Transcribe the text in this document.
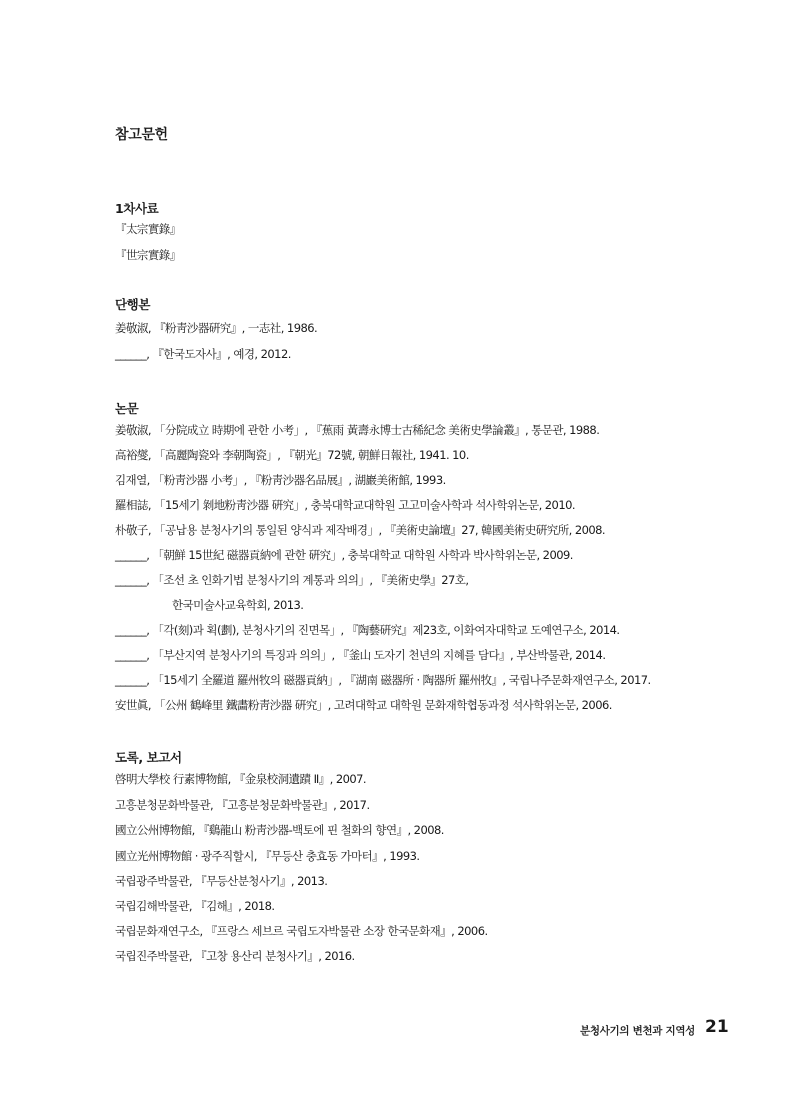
참고문헌
1차사료
『太宗實錄』
『世宗實錄』
단행본
姜敬淑, 『粉靑沙器硏究』, 一志社, 1986.
______, 『한국도자사』, 예경, 2012.
논문
姜敬淑, 「分院成立 時期에 관한 小考」, 『蕉雨 黃壽永博士古稀紀念 美術史學論叢』, 통문관, 1988.
高裕燮, 「高麗陶瓷와 李朝陶瓷」, 『朝光』72號, 朝鮮日報社, 1941. 10.
김재열, 「粉靑沙器 小考」, 『粉靑沙器名品展』, 湖巖美術館, 1993.
羅相誌, 「15세기 剝地粉靑沙器 硏究」, 충북대학교대학원 고고미술사학과 석사학위논문, 2010.
朴敬子, 「공납용 분청사기의 통일된 양식과 제작배경」, 『美術史論壇』27, 韓國美術史硏究所, 2008.
______, 「朝鮮 15世紀 磁器貢納에 관한 硏究」, 충북대학교 대학원 사학과 박사학위논문, 2009.
______, 「조선 초 인화기법 분청사기의 계통과 의의」, 『美術史學』27호,
한국미술사교육학회, 2013.
______, 「각(刻)과 획(劃), 분청사기의 진면목」, 『陶藝硏究』제23호, 이화여자대학교 도예연구소, 2014.
______, 「부산지역 분청사기의 특징과 의의」, 『釜山 도자기 천년의 지혜를 담다』, 부산박물관, 2014.
______, 「15세기 全羅道 羅州牧의 磁器貢納」, 『湖南 磁器所 · 陶器所 羅州牧』, 국립나주문화재연구소, 2017.
安世眞, 「公州 鶴峰里 鐵畵粉靑沙器 硏究」, 고려대학교 대학원 문화재학협동과정 석사학위논문, 2006.
도록, 보고서
啓明大學校 行素博物館, 『金泉校洞遺蹟 Ⅱ』, 2007.
고흥분청문화박물관, 『고흥분청문화박물관』, 2017.
國立公州博物館, 『鷄龍山 粉靑沙器-백토에 핀 철화의 향연』, 2008.
國立光州博物館 · 광주직할시, 『무등산 충효동 가마터』, 1993.
국립광주박물관, 『무등산분청사기』, 2013.
국립김해박물관, 『김해』, 2018.
국립문화재연구소, 『프랑스 세브르 국립도자박물관 소장 한국문화재』, 2006.
국립진주박물관, 『고창 용산리 분청사기』, 2016.
분청사기의 변천과 지역성 21
